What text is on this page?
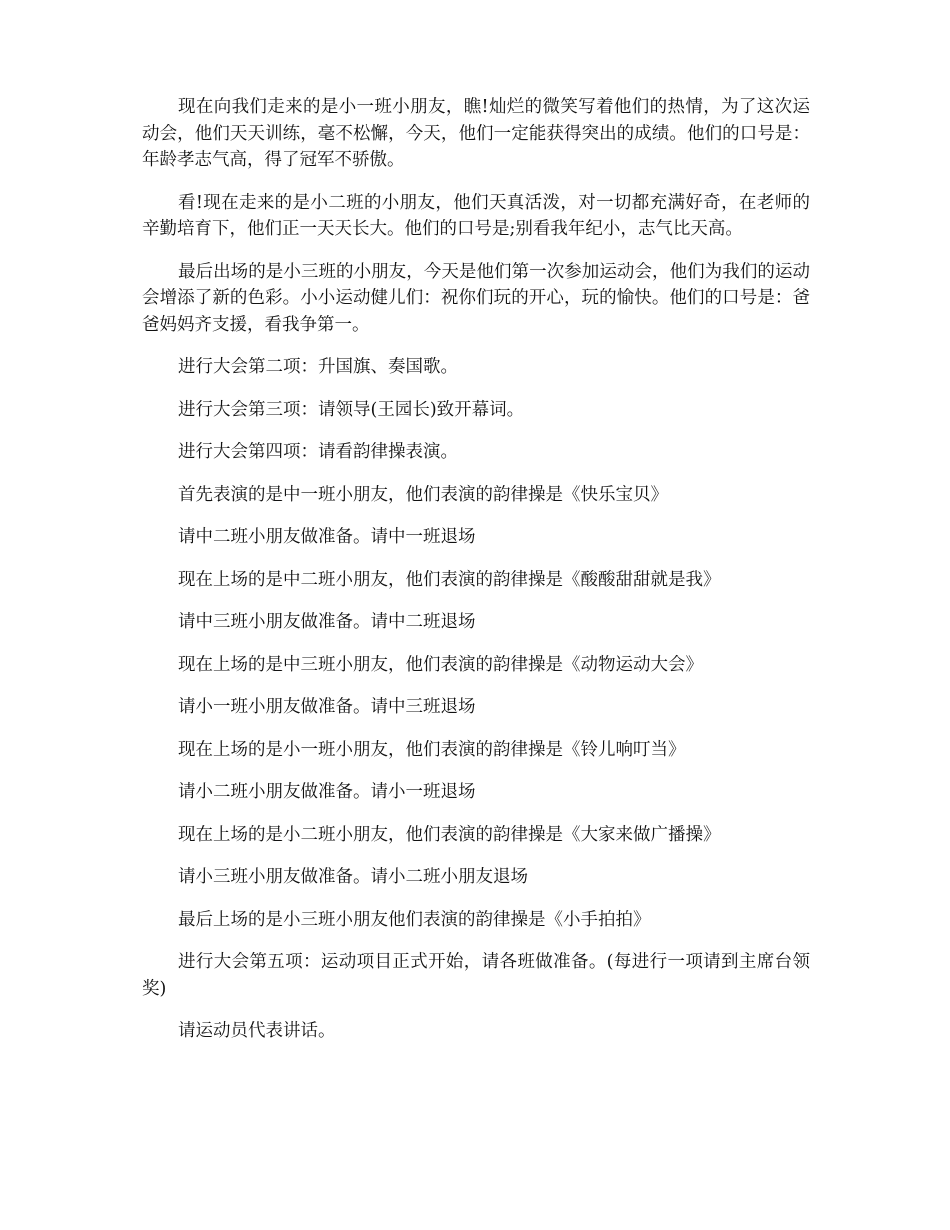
现在向我们走来的是小一班小朋友，瞧!灿烂的微笑写着他们的热情，为了这次运动会，他们天天训练，毫不松懈，今天，他们一定能获得突出的成绩。他们的口号是：年龄孝志气高，得了冠军不骄傲。

看!现在走来的是小二班的小朋友，他们天真活泼，对一切都充满好奇，在老师的辛勤培育下，他们正一天天长大。他们的口号是;别看我年纪小，志气比天高。

最后出场的是小三班的小朋友，今天是他们第一次参加运动会，他们为我们的运动会增添了新的色彩。小小运动健儿们：祝你们玩的开心，玩的愉快。他们的口号是：爸爸妈妈齐支援，看我争第一。

进行大会第二项：升国旗、奏国歌。

进行大会第三项：请领导(王园长)致开幕词。

进行大会第四项：请看韵律操表演。

首先表演的是中一班小朋友，他们表演的韵律操是《快乐宝贝》

请中二班小朋友做准备。请中一班退场

现在上场的是中二班小朋友，他们表演的韵律操是《酸酸甜甜就是我》

请中三班小朋友做准备。请中二班退场

现在上场的是中三班小朋友，他们表演的韵律操是《动物运动大会》

请小一班小朋友做准备。请中三班退场

现在上场的是小一班小朋友，他们表演的韵律操是《铃儿响叮当》

请小二班小朋友做准备。请小一班退场

现在上场的是小二班小朋友，他们表演的韵律操是《大家来做广播操》

请小三班小朋友做准备。请小二班小朋友退场

最后上场的是小三班小朋友他们表演的韵律操是《小手拍拍》

进行大会第五项：运动项目正式开始，请各班做准备。(每进行一项请到主席台领奖)

请运动员代表讲话。
